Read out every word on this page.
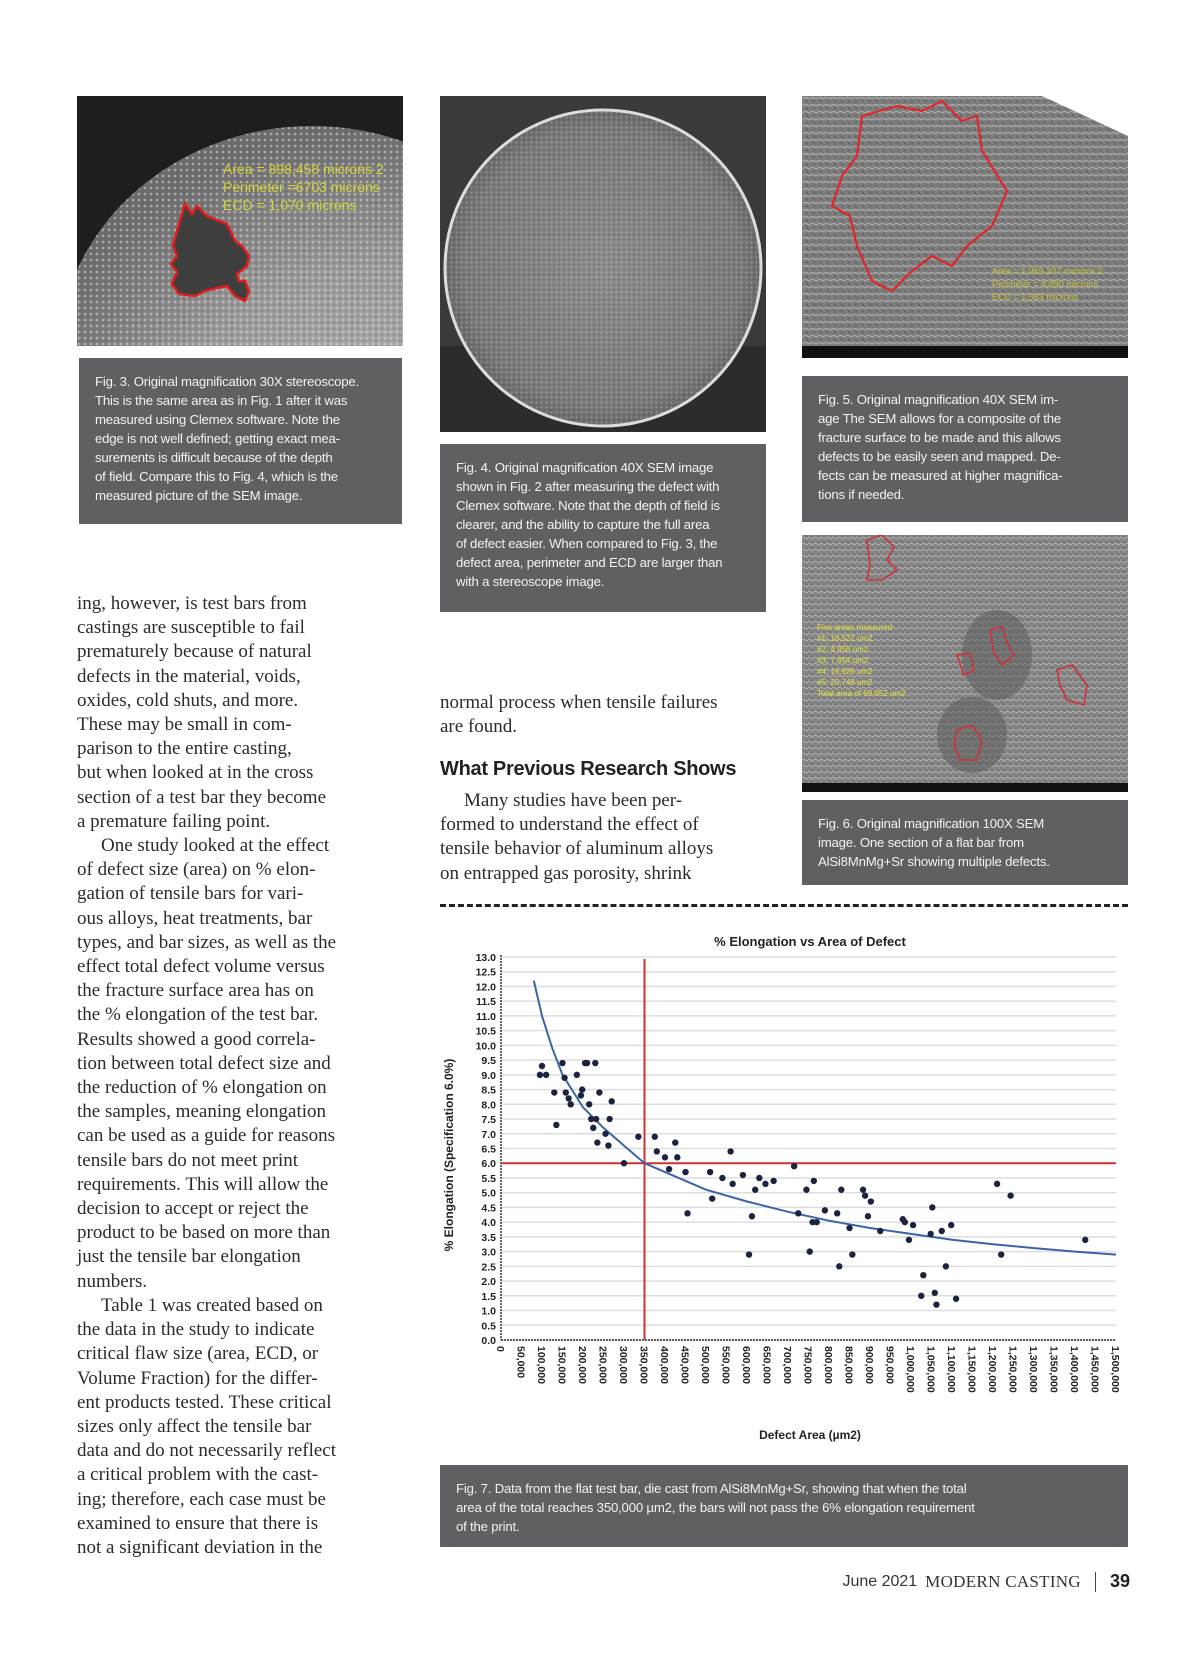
Area = 898,458 microns 2
Perimeter =6703 microns
ECD = 1,070 microns
Fig. 3. Original magnification 30X stereoscope.
This is the same area as in Fig. 1 after it was
measured using Clemex software. Note the
edge is not well defined; getting exact mea-
surements is difficult because of the depth
of field. Compare this to Fig. 4, which is the
measured picture of the SEM image.
Fig. 4. Original magnification 40X SEM image
shown in Fig. 2 after measuring the defect with
Clemex software. Note that the depth of field is
clearer, and the ability to capture the full area
of defect easier. When compared to Fig. 3, the
defect area, perimeter and ECD are larger than
with a stereoscope image.
Area = 1,969,207 microns 2
Perimeter = 8,890 microns
ECD = 1,583 microns
Fig. 5. Original magnification 40X SEM im-
age The SEM allows for a composite of the
fracture surface to be made and this allows
defects to be easily seen and mapped. De-
fects can be measured at higher magnifica-
tions if needed.
Five areas measured
#1: 18,522 um2
#2: 4,958 um2
#3: 7,854 um2
#4: 16,926 um2
#5: 20,748 um2
Total area of 69,952 um2
Fig. 6. Original magnification 100X SEM
image. One section of a flat bar from
AlSi8MnMg+Sr showing multiple defects.
ing, however, is test bars from
castings are susceptible to fail
prematurely because of natural
defects in the material, voids,
oxides, cold shuts, and more.
These may be small in com-
parison to the entire casting,
but when looked at in the cross
section of a test bar they become
a premature failing point.
One study looked at the effect
of defect size (area) on % elon-
gation of tensile bars for vari-
ous alloys, heat treatments, bar
types, and bar sizes, as well as the
effect total defect volume versus
the fracture surface area has on
the % elongation of the test bar.
Results showed a good correla-
tion between total defect size and
the reduction of % elongation on
the samples, meaning elongation
can be used as a guide for reasons
tensile bars do not meet print
requirements. This will allow the
decision to accept or reject the
product to be based on more than
just the tensile bar elongation
numbers.
Table 1 was created based on
the data in the study to indicate
critical flaw size (area, ECD, or
Volume Fraction) for the differ-
ent products tested. These critical
sizes only affect the tensile bar
data and do not necessarily reflect
a critical problem with the cast-
ing; therefore, each case must be
examined to ensure that there is
not a significant deviation in the
normal process when tensile failures
are found.
What Previous Research Shows
Many studies have been per-
formed to understand the effect of
tensile behavior of aluminum alloys
on entrapped gas porosity, shrink
% Elongation vs Area of Defect
% Elongation (Specification 6.0%)
0.0
0.5
1.0
1.5
2.0
2.5
3.0
3.5
4.0
4.5
5.0
5.5
6.0
6.5
7.0
7.5
8.0
8.5
9.0
9.5
10.0
10.5
11.0
11.5
12.0
12.5
13.0
0 50,000 100,000 150,000 200,000 250,000 300,000 350,000 400,000 450,000 500,000 550,000 600,000 650,000 700,000 750,000 800,000 850,000 900,000 950,000 1,000,000 1,050,000 1,100,000 1,150,000 1,200,000 1,250,000 1,300,000 1,350,000 1,400,000 1,450,000 1,500,000
Defect Area (µm2)
Fig. 7. Data from the flat test bar, die cast from AlSi8MnMg+Sr, showing that when the total
area of the total reaches 350,000 µm2, the bars will not pass the 6% elongation requirement
of the print.
June 2021 MODERN CASTING 39
